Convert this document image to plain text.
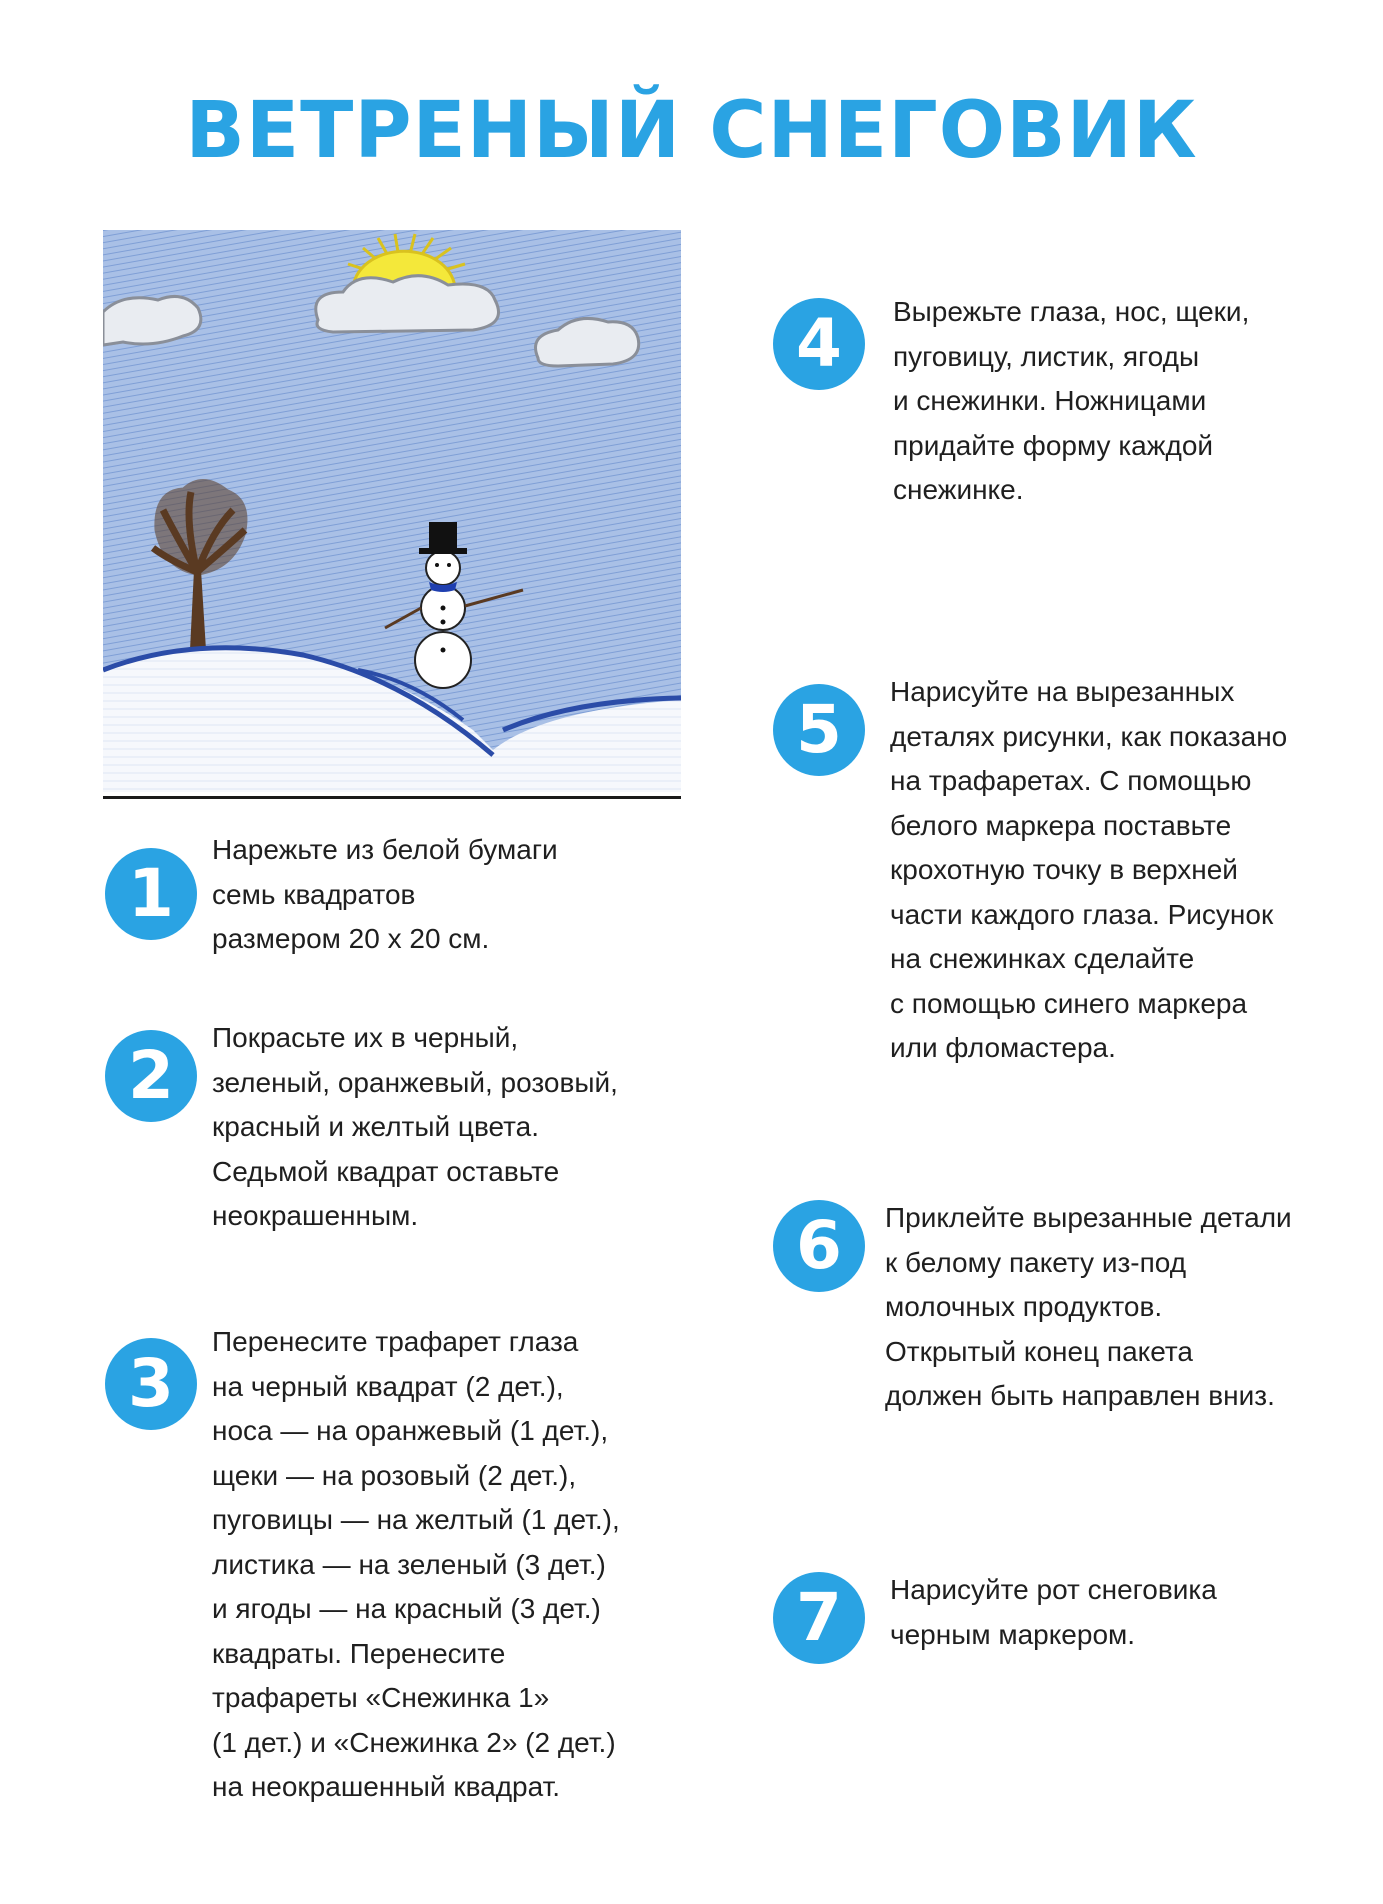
ВЕТРЕНЫЙ СНЕГОВИК
1
Нарежьте из белой бумаги
семь квадратов
размером 20 х 20 см.
2	Покрасьте их в черный,
зеленый, оранжевый, розовый,
красный и желтый цвета.
Седьмой квадрат оставьте
неокрашенным.
3
Перенесите трафарет глаза
на черный квадрат (2 дет.),
носа — на оранжевый (1 дет.),
щеки — на розовый (2 дет.),
пуговицы — на желтый (1 дет.),
листика — на зеленый (3 дет.)
и ягоды — на красный (3 дет.)
квадраты. Перенесите
трафареты «Снежинка 1»
(1 дет.) и «Снежинка 2» (2 дет.)
на неокрашенный квадрат.
4	Вырежьте глаза, нос, щеки,
пуговицу, листик, ягоды
и снежинки. Ножницами
придайте форму каждой
снежинке.
5	Нарисуйте на вырезанных
деталях рисунки, как показано
на трафаретах. С помощью
белого маркера поставьте
крохотную точку в верхней
части каждого глаза. Рисунок
на снежинках сделайте
с помощью синего маркера
или фломастера.
6	Приклейте вырезанные детали
к белому пакету из-под
молочных продуктов.
Открытый конец пакета
должен быть направлен вниз.
7	Нарисуйте рот снеговика
черным маркером.
